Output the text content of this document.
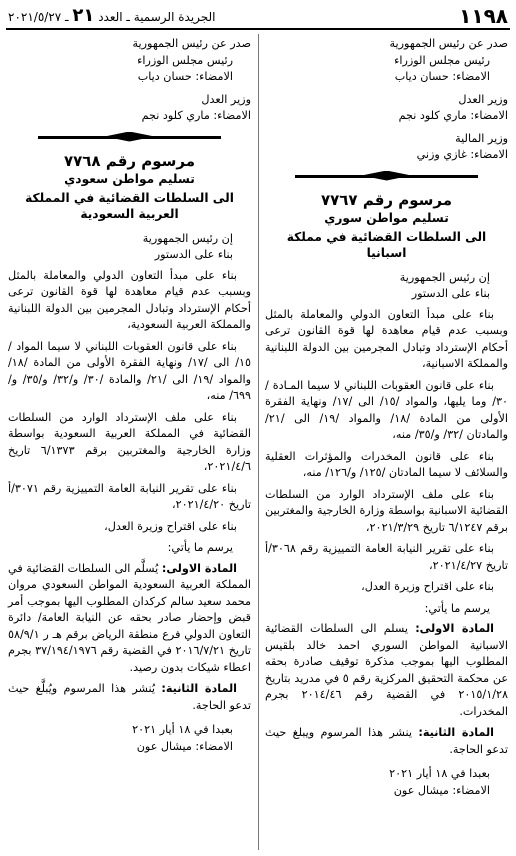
١١٩٨
الجريدة الرسمية ـ العدد ٢١ ـ ٢٠٢١/٥/٢٧

صدر عن رئيس الجمهورية

رئيس مجلس الوزراء

الامضاء: حسان دياب

وزير العدل

الامضاء: ماري كلود نجم

وزير المالية

الامضاء: غازي وزني

مرسوم رقم ٧٧٦٧

تسليم مواطن سوري

الى السلطات القضائية في مملكة اسبانيا

إن رئيس الجمهورية

بناء على الدستور

بناء على مبدأ التعاون الدولي والمعاملة بالمثل وبسبب عدم قيام معاهدة لها قوة القانون ترعى أحكام الإسترداد وتبادل المجرمين بين الدولة اللبنانية والمملكة الاسبانية،

بناء على قانون العقوبات اللبناني لا سيما المـادة /٣٠/ وما يليها، والمواد /١٥/ الى /١٧/ ونهاية الفقرة الأولى من المادة /١٨/ والمواد /١٩/ الى /٢١/ والمادتان /٣٢/ و/٣٥/ منه،

بناء على قانون المخدرات والمؤثرات العقلية والسلائف لا سيما المادتان /١٢٥/ و/١٢٦/ منه،

بناء على ملف الإسترداد الوارد من السلطات القضائية الاسبانية بواسطة وزارة الخارجية والمغتربين برقم ٦/١٢٤٧ تاريخ ٢٠٢١/٣/٢٩،

بناء على تقرير النيابة العامة التمييزية رقم ٣٠٦٨/أ تاريخ ٢٠٢١/٤/٢٧،

بناء على اقتراح وزيرة العدل،

يرسم ما يأتي:

المادة الاولى: يسلم الى السلطات القضائية الاسبانية المواطن السوري احمد خالد بلقيس المطلوب اليها بموجب مذكرة توقيف صادرة بحقه عن محكمة التحقيق المركزية رقم ٥ في مدريد بتاريخ ٢٠١٥/١/٢٨ في القضية رقم ٢٠١٤/٤٦ بجرم المخدرات.

المادة الثانية: ينشر هذا المرسوم ويبلغ حيث تدعو الحاجة.

بعبدا في ١٨ أيار ٢٠٢١

الامضاء: ميشال عون

صدر عن رئيس الجمهورية

رئيس مجلس الوزراء

الامضاء: حسان دياب

وزير العدل

الامضاء: ماري كلود نجم

مرسوم رقم ٧٧٦٨

تسليم مواطن سعودي

الى السلطات القضائية في المملكة العربية السعودية

إن رئيس الجمهورية

بناء على الدستور

بناء على مبدأ التعاون الدولي والمعاملة بالمثل وبسبب عدم قيام معاهدة لها قوة القانون ترعى أحكام الإسترداد وتبادل المجرمين بين الدولة اللبنانية والمملكة العربية السعودية،

بناء على قانون العقوبات اللبناني لا سيما المواد /١٥/ الى /١٧/ ونهاية الفقرة الأولى من المادة /١٨/ والمواد /١٩/ الى /٢١/ والمادة /٣٠/ و/٣٢/ و/٣٥/ و/٦٩٩/ منه،

بناء على ملف الإسترداد الوارد من السلطات القضائية في المملكة العربية السعودية بواسطة وزارة الخارجية والمغتربين برقم ٦/١٣٧٣ تاريخ ٢٠٢١/٤/٦،

بناء على تقرير النيابة العامة التمييزية رقم ٣٠٧١/أ تاريخ ٢٠٢١/٤/٢٠،

بناء على اقتراح وزيرة العدل،

يرسم ما يأتي:

المادة الاولى: يُسلَّم الى السلطات القضائية في المملكة العربية السعودية المواطن السعودي مروان محمد سعيد سالم كركدان المطلوب اليها بموجب أمر قبض وإحضار صادر بحقه عن النيابة العامة/ دائرة التعاون الدولي فرع منطقة الرياض برقم هـ ر ٥٨/٩/١ تاريخ ٢٠١٦/٧/٢١ في القضية رقم ٣٧/١٩٤/١٩٧٦ بجرم اعطاء شيكات بدون رصيد.

المادة الثانية: يُنشر هذا المرسوم ويُبلَّغ حيث تدعو الحاجة.

بعبدا في ١٨ أيار ٢٠٢١

الامضاء: ميشال عون
